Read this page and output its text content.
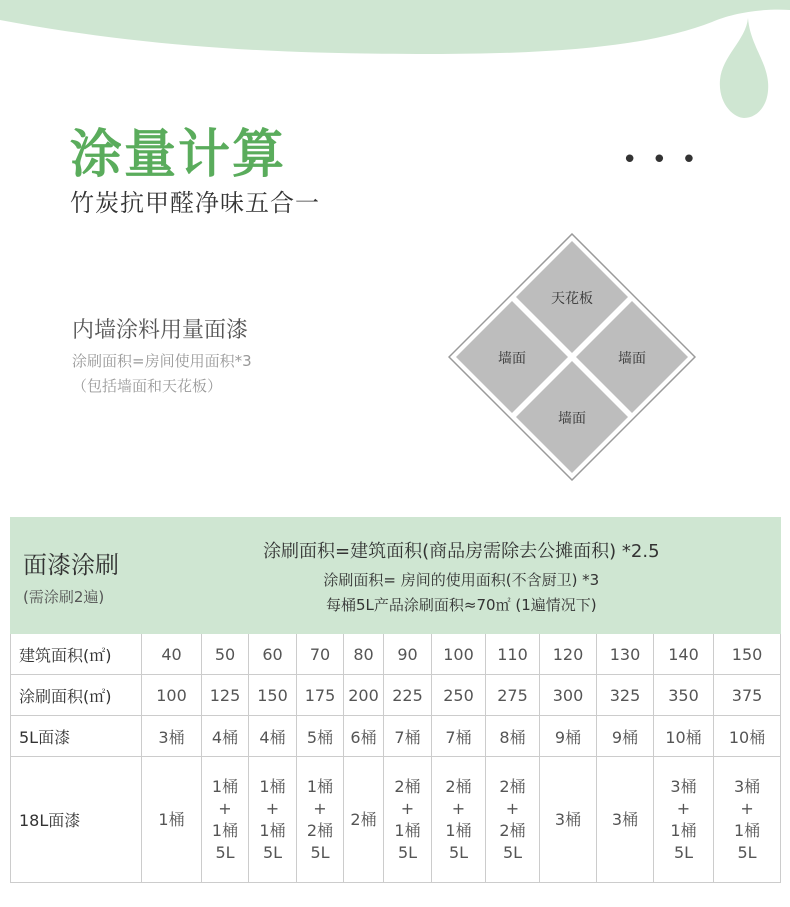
涂量计算	• • •
竹炭抗甲醛净味五合一
内墙涂料用量面漆
涂刷面积=房间使用面积*3
（包括墙面和天花板）
天花板
墙面	墙面
墙面
面漆涂刷
(需涂刷2遍)	涂刷面积=建筑面积(商品房需除去公摊面积) *2.5
涂刷面积= 房间的使用面积(不含厨卫) *3
每桶5L产品涂刷面积≈70㎡ (1遍情况下)											

建筑面积(㎡)	40	50	60	70	80	90	100	110	120	130	140	150
涂刷面积(㎡)	100	125	150	175	200	225	250	275	300	325	350	375
5L面漆	3桶	4桶	4桶	5桶	6桶	7桶	7桶	8桶	9桶	9桶	10桶	10桶
18L面漆	1桶	1桶
+
1桶
5L	1桶
+
1桶
5L	1桶
+
2桶
5L	2桶	2桶
+
1桶
5L	2桶
+
1桶
5L	2桶
+
2桶
5L	3桶	3桶	3桶
+
1桶
5L	3桶
+
1桶
5L
